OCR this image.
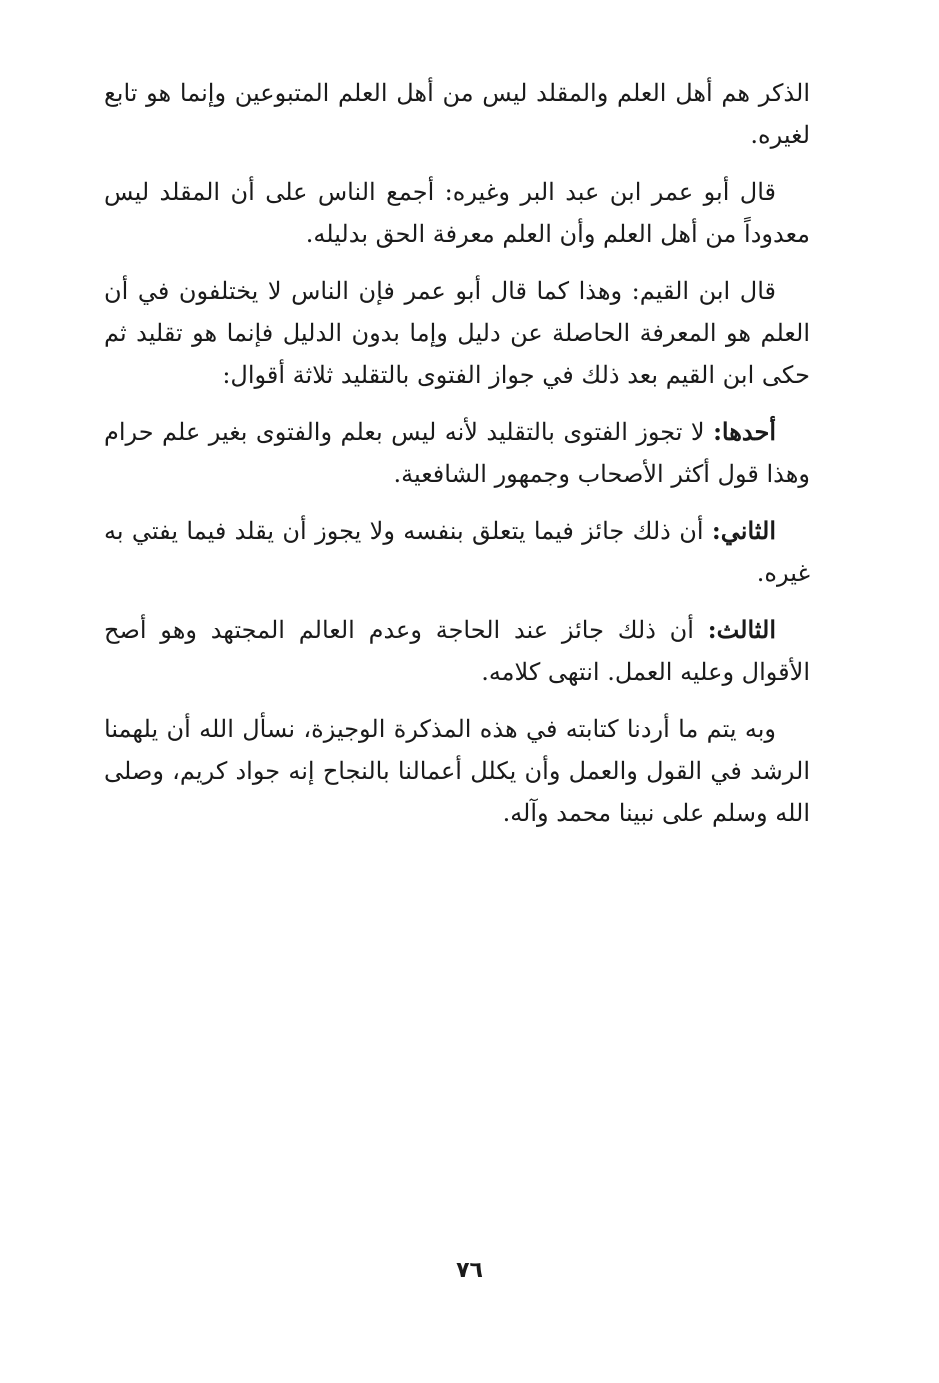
الذكر هم أهل العلم والمقلد ليس من أهل العلم المتبوعين وإنما هو تابع لغيره.

قال أبو عمر ابن عبد البر وغيره: أجمع الناس على أن المقلد ليس معدوداً من أهل العلم وأن العلم معرفة الحق بدليله.

قال ابن القيم: وهذا كما قال أبو عمر فإن الناس لا يختلفون في أن العلم هو المعرفة الحاصلة عن دليل وإما بدون الدليل فإنما هو تقليد ثم حكى ابن القيم بعد ذلك في جواز الفتوى بالتقليد ثلاثة أقوال:

أحدها: لا تجوز الفتوى بالتقليد لأنه ليس بعلم والفتوى بغير علم حرام وهذا قول أكثر الأصحاب وجمهور الشافعية.

الثاني: أن ذلك جائز فيما يتعلق بنفسه ولا يجوز أن يقلد فيما يفتي به غيره.

الثالث: أن ذلك جائز عند الحاجة وعدم العالم المجتهد وهو أصح الأقوال وعليه العمل. انتهى كلامه.

وبه يتم ما أردنا كتابته في هذه المذكرة الوجيزة، نسأل الله أن يلهمنا الرشد في القول والعمل وأن يكلل أعمالنا بالنجاح إنه جواد كريم، وصلى الله وسلم على نبينا محمد وآله.

٧٦
